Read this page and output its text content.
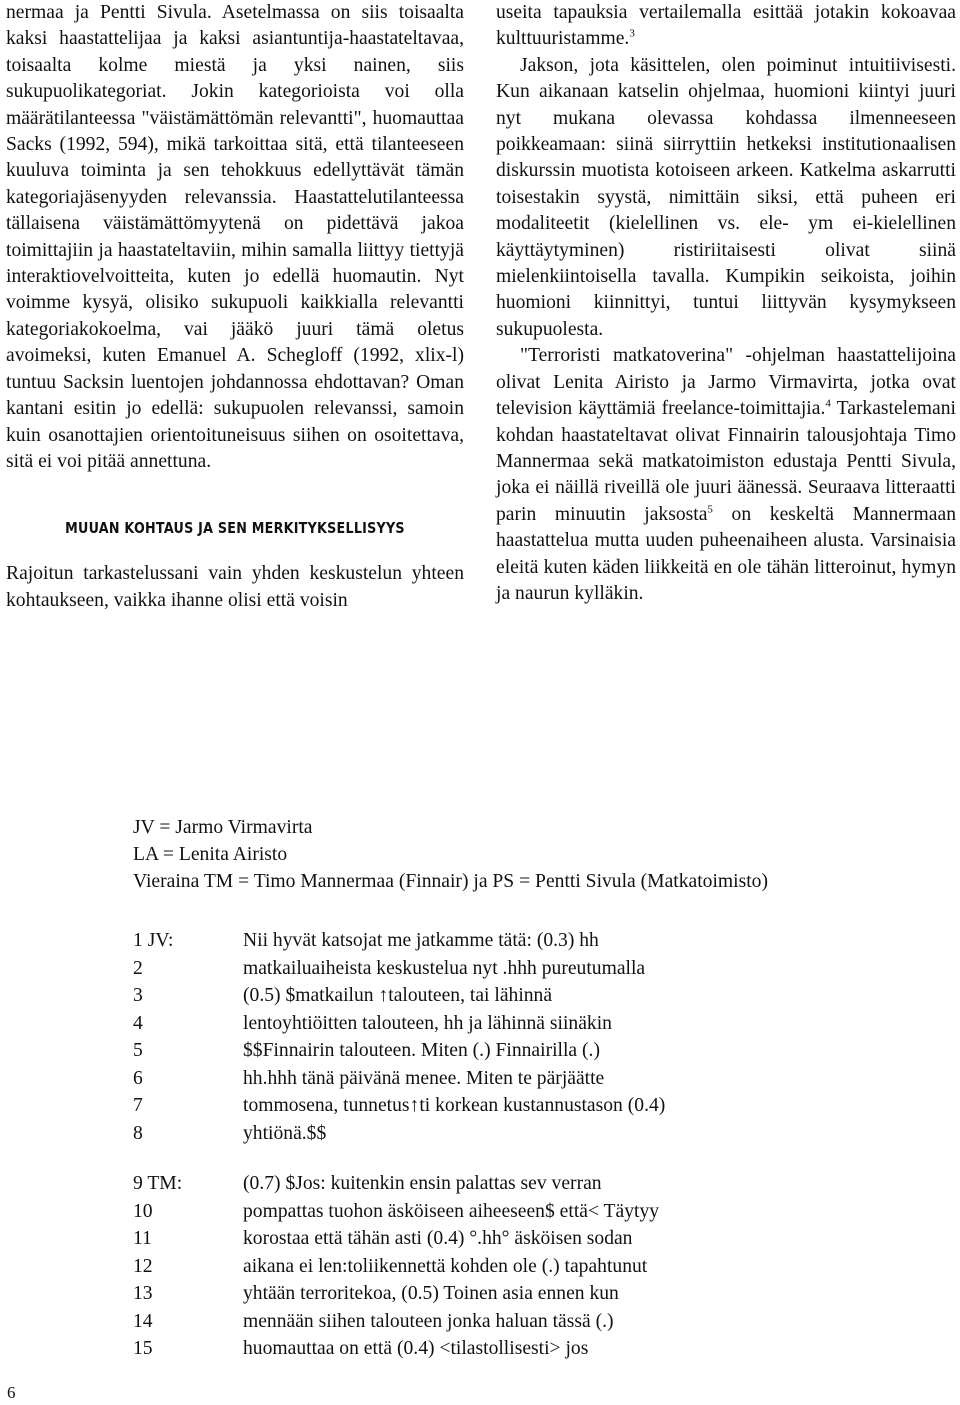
nermaa ja Pentti Sivula. Asetelmassa on siis toisaalta kaksi haastattelijaa ja kaksi asiantuntija-haastateltavaa, toisaalta kolme miestä ja yksi nainen, siis sukupuolikategoriat. Jokin kategorioista voi olla määrätilanteessa "väistämättömän relevantti", huomauttaa Sacks (1992, 594), mikä tarkoittaa sitä, että tilanteeseen kuuluva toiminta ja sen tehokkuus edellyttävät tämän kategoriajäsenyyden relevanssia. Haastattelutilanteessa tällaisena väistämättömyytenä on pidettävä jakoa toimittajiin ja haastateltaviin, mihin samalla liittyy tiettyjä interaktiovelvoitteita, kuten jo edellä huomautin. Nyt voimme kysyä, olisiko sukupuoli kaikkialla relevantti kategoriakokoelma, vai jääkö juuri tämä oletus avoimeksi, kuten Emanuel A. Schegloff (1992, xlix-l) tuntuu Sacksin luentojen johdannossa ehdottavan? Oman kantani esitin jo edellä: sukupuolen relevanssi, samoin kuin osanottajien orientoituneisuus siihen on osoitettava, sitä ei voi pitää annettuna.

MUUAN KOHTAUS JA SEN MERKITYKSELLISYYS

Rajoitun tarkastelussani vain yhden keskustelun yhteen kohtaukseen, vaikka ihanne olisi että voisin

useita tapauksia vertailemalla esittää jotakin kokoavaa kulttuuristamme.$^3$

Jakson, jota käsittelen, olen poiminut intuitiivisesti. Kun aikanaan katselin ohjelmaa, huomioni kiintyi juuri nyt mukana olevassa kohdassa ilmenneeseen poikkeamaan: siinä siirryttiin hetkeksi institutionaalisen diskurssin muotista kotoiseen arkeen. Katkelma askarrutti toisestakin syystä, nimittäin siksi, että puheen eri modaliteetit (kielellinen vs. ele- ym ei-kielellinen käyttäytyminen) ristiriitaisesti olivat siinä mielenkiintoisella tavalla. Kumpikin seikoista, joihin huomioni kiinnittyi, tuntui liittyvän kysymykseen sukupuolesta.

"Terroristi matkatoverina" -ohjelman haastattelijoina olivat Lenita Airisto ja Jarmo Virmavirta, jotka ovat television käyttämiä freelance-toimittajia.$^4$ Tarkastelemani kohdan haastateltavat olivat Finnairin talousjohtaja Timo Mannermaa sekä matkatoimiston edustaja Pentti Sivula, joka ei näillä riveillä ole juuri äänessä. Seuraava litteraatti parin minuutin jaksosta$^5$ on keskeltä Mannermaan haastattelua mutta uuden puheenaiheen alusta. Varsinaisia eleitä kuten käden liikkeitä en ole tähän litteroinut, hymyn ja naurun kylläkin.

JV = Jarmo Virmavirta

LA = Lenita Airisto

Vieraina TM = Timo Mannermaa (Finnair) ja PS = Pentti Sivula (Matkatoimisto)

1 JV:	Nii hyvät katsojat me jatkamme tätä: (0.3) hh
2	matkailuaiheista keskustelua nyt .hhh pureutumalla
3	(0.5) $matkailun ↑talouteen, tai lähinnä
4	lentoyhtiöitten talouteen, hh ja lähinnä siinäkin
5	$$Finnairin talouteen. Miten (.) Finnairilla (.)
6	hh.hhh tänä päivänä menee. Miten te pärjäätte
7	tommosena, tunnetus↑ti korkean kustannustason (0.4)
8	yhtiönä.$$
9 TM:	(0.7) $Jos: kuitenkin ensin palattas sev verran
10	pompattas tuohon äsköiseen aiheeseen$ että< Täytyy
11	korostaa että tähän asti (0.4) °.hh° äsköisen sodan
12	aikana ei len:toliikennettä kohden ole (.) tapahtunut
13	yhtään terroritekoa, (0.5) Toinen asia ennen kun
14	mennään siihen talouteen jonka haluan tässä (.)
15	huomauttaa on että (0.4) <tilastollisesti> jos
6
